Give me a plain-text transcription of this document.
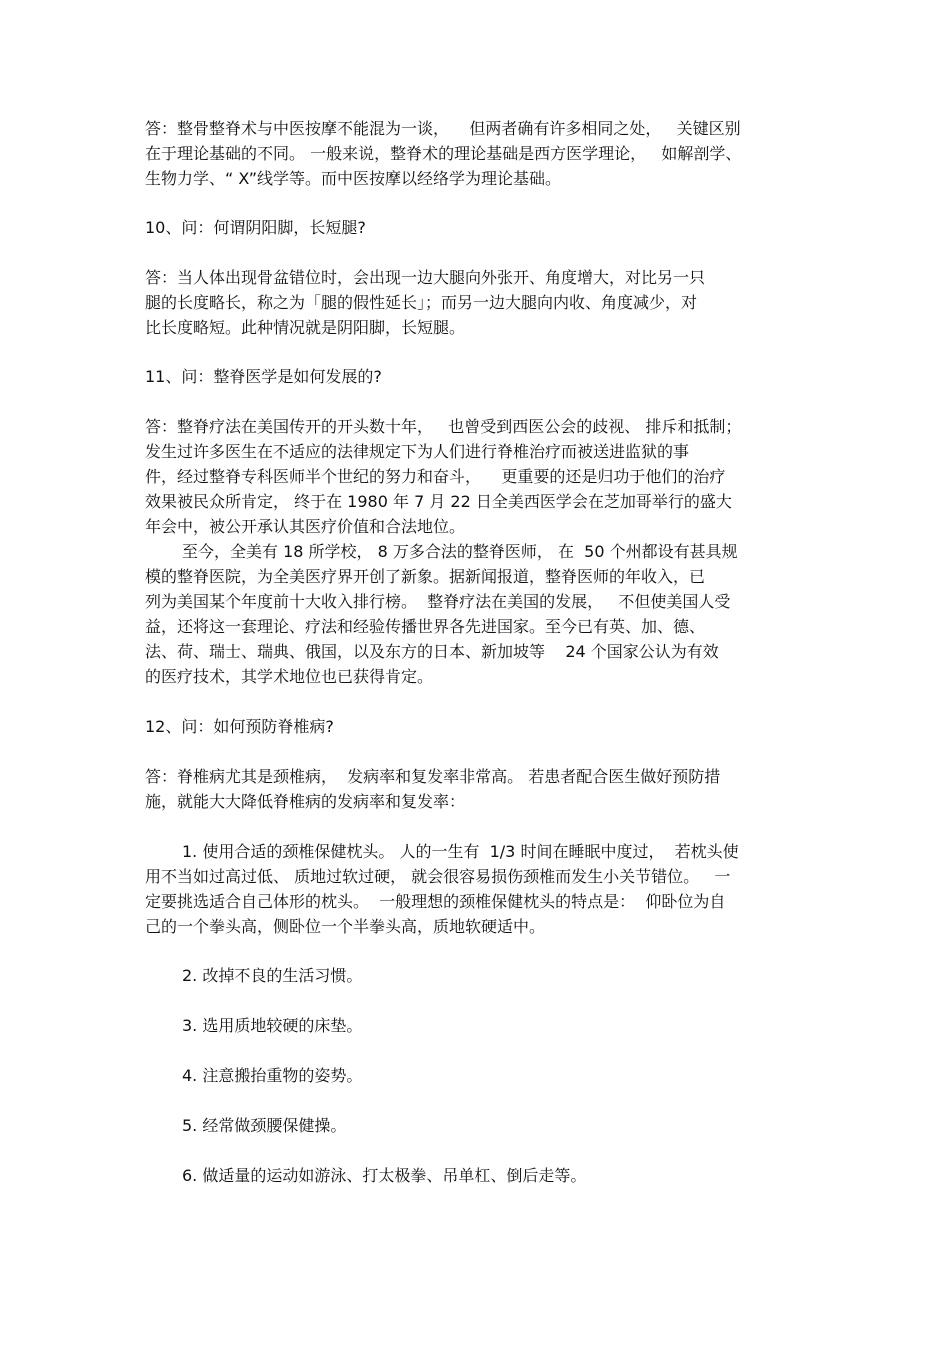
答：整骨整脊术与中医按摩不能混为一谈，    但两者确有许多相同之处，   关键区别
在于理论基础的不同。 一般来说，整脊术的理论基础是西方医学理论，   如解剖学、
生物力学、“ X”线学等。而中医按摩以经络学为理论基础。
10、问：何谓阴阳脚，长短腿?
答：当人体出现骨盆错位时，会出现一边大腿向外张开、角度增大，对比另一只
腿的长度略长，称之为「腿的假性延长」；而另一边大腿向内收、角度减少，对
比长度略短。此种情况就是阴阳脚，长短腿。
11、问：整脊医学是如何发展的?
答：整脊疗法在美国传开的开头数十年，   也曾受到西医公会的歧视、 排斥和抵制；
发生过许多医生在不适应的法律规定下为人们进行脊椎治疗而被送进监狱的事
件，经过整脊专科医师半个世纪的努力和奋斗，    更重要的还是归功于他们的治疗
效果被民众所肯定， 终于在 1980 年 7 月 22 日全美西医学会在芝加哥举行的盛大
年会中，被公开承认其医疗价值和合法地位。
至今，全美有 18 所学校， 8 万多合法的整脊医师， 在  50 个州都设有甚具规
模的整脊医院，为全美医疗界开创了新象。据新闻报道，整脊医师的年收入，已
列为美国某个年度前十大收入排行榜。  整脊疗法在美国的发展，   不但使美国人受
益，还将这一套理论、疗法和经验传播世界各先进国家。至今已有英、加、德、
法、荷、瑞士、瑞典、俄国，以及东方的日本、新加坡等    24 个国家公认为有效
的医疗技术，其学术地位也已获得肯定。
12、问：如何预防脊椎病?
答：脊椎病尤其是颈椎病，  发病率和复发率非常高。 若患者配合医生做好预防措
施，就能大大降低脊椎病的发病率和复发率：
1. 使用合适的颈椎保健枕头。 人的一生有  1/3 时间在睡眠中度过，  若枕头使
用不当如过高过低、 质地过软过硬， 就会很容易损伤颈椎而发生小关节错位。   一
定要挑选适合自己体形的枕头。  一般理想的颈椎保健枕头的特点是：  仰卧位为自
己的一个拳头高，侧卧位一个半拳头高，质地软硬适中。
2. 改掉不良的生活习惯。
3. 选用质地较硬的床垫。
4. 注意搬抬重物的姿势。
5. 经常做颈腰保健操。
6. 做适量的运动如游泳、打太极拳、吊单杠、倒后走等。
